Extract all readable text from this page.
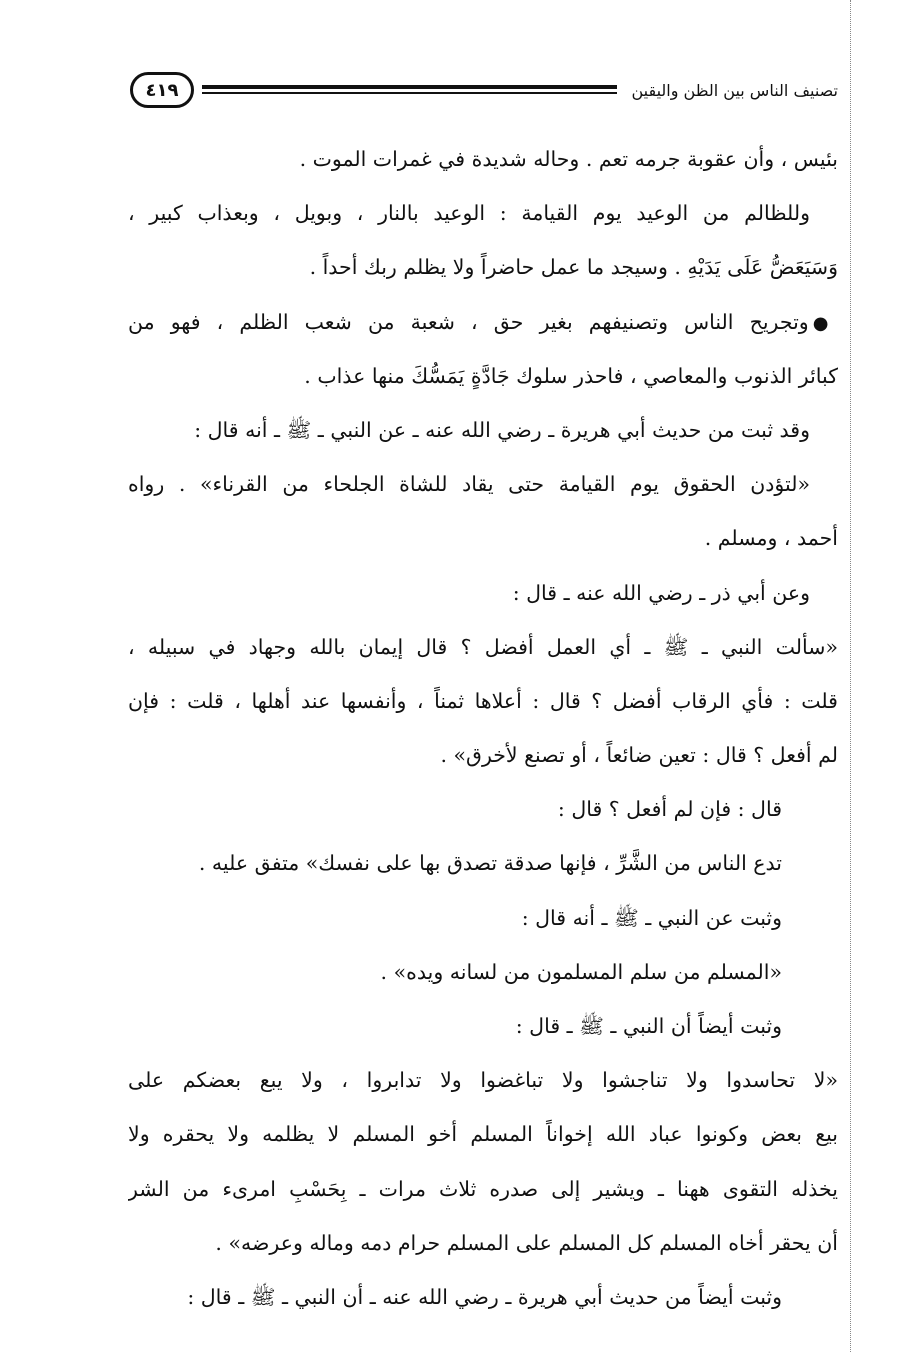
تصنيف الناس بين الظن واليقين
٤١٩
بئيس ، وأن عقوبة جرمه تعم . وحاله شديدة في غمرات الموت .
وللظالم من الوعيد يوم القيامة : الوعيد بالنار ، وبويل ، وبعذاب كبير ،
وَسَيَعَضُّ عَلَى يَدَيْهِ . وسيجد ما عمل حاضراً ولا يظلم ربك أحداً .
●وتجريح الناس وتصنيفهم بغير حق ، شعبة من شعب الظلم ، فهو من
كبائر الذنوب والمعاصي ، فاحذر سلوك جَادَّةٍ يَمَسُّكَ منها عذاب .
وقد ثبت من حديث أبي هريرة ـ رضي الله عنه ـ عن النبي ـ ﷺ ـ أنه قال :
«لتؤدن الحقوق يوم القيامة حتى يقاد للشاة الجلحاء من القرناء» . رواه
أحمد ، ومسلم .
وعن أبي ذر ـ رضي الله عنه ـ قال :
«سألت النبي ـ ﷺ ـ أي العمل أفضل ؟ قال إيمان بالله وجهاد في سبيله ،
قلت : فأي الرقاب أفضل ؟ قال : أعلاها ثمناً ، وأنفسها عند أهلها ، قلت : فإن
لم أفعل ؟ قال : تعين ضائعاً ، أو تصنع لأخرق» .
قال : فإن لم أفعل ؟ قال :
تدع الناس من الشَّرِّ ، فإنها صدقة تصدق بها على نفسك» متفق عليه .
وثبت عن النبي ـ ﷺ ـ أنه قال :
«المسلم من سلم المسلمون من لسانه ويده» .
وثبت أيضاً أن النبي ـ ﷺ ـ قال :
«لا تحاسدوا ولا تناجشوا ولا تباغضوا ولا تدابروا ، ولا يبع بعضكم على
بيع بعض وكونوا عباد الله إخواناً المسلم أخو المسلم لا يظلمه ولا يحقره ولا
يخذله التقوى ههنا ـ ويشير إلى صدره ثلاث مرات ـ بِحَسْبِ امرىء من الشر
أن يحقر أخاه المسلم كل المسلم على المسلم حرام دمه وماله وعرضه» .
وثبت أيضاً من حديث أبي هريرة ـ رضي الله عنه ـ أن النبي ـ ﷺ ـ قال :
